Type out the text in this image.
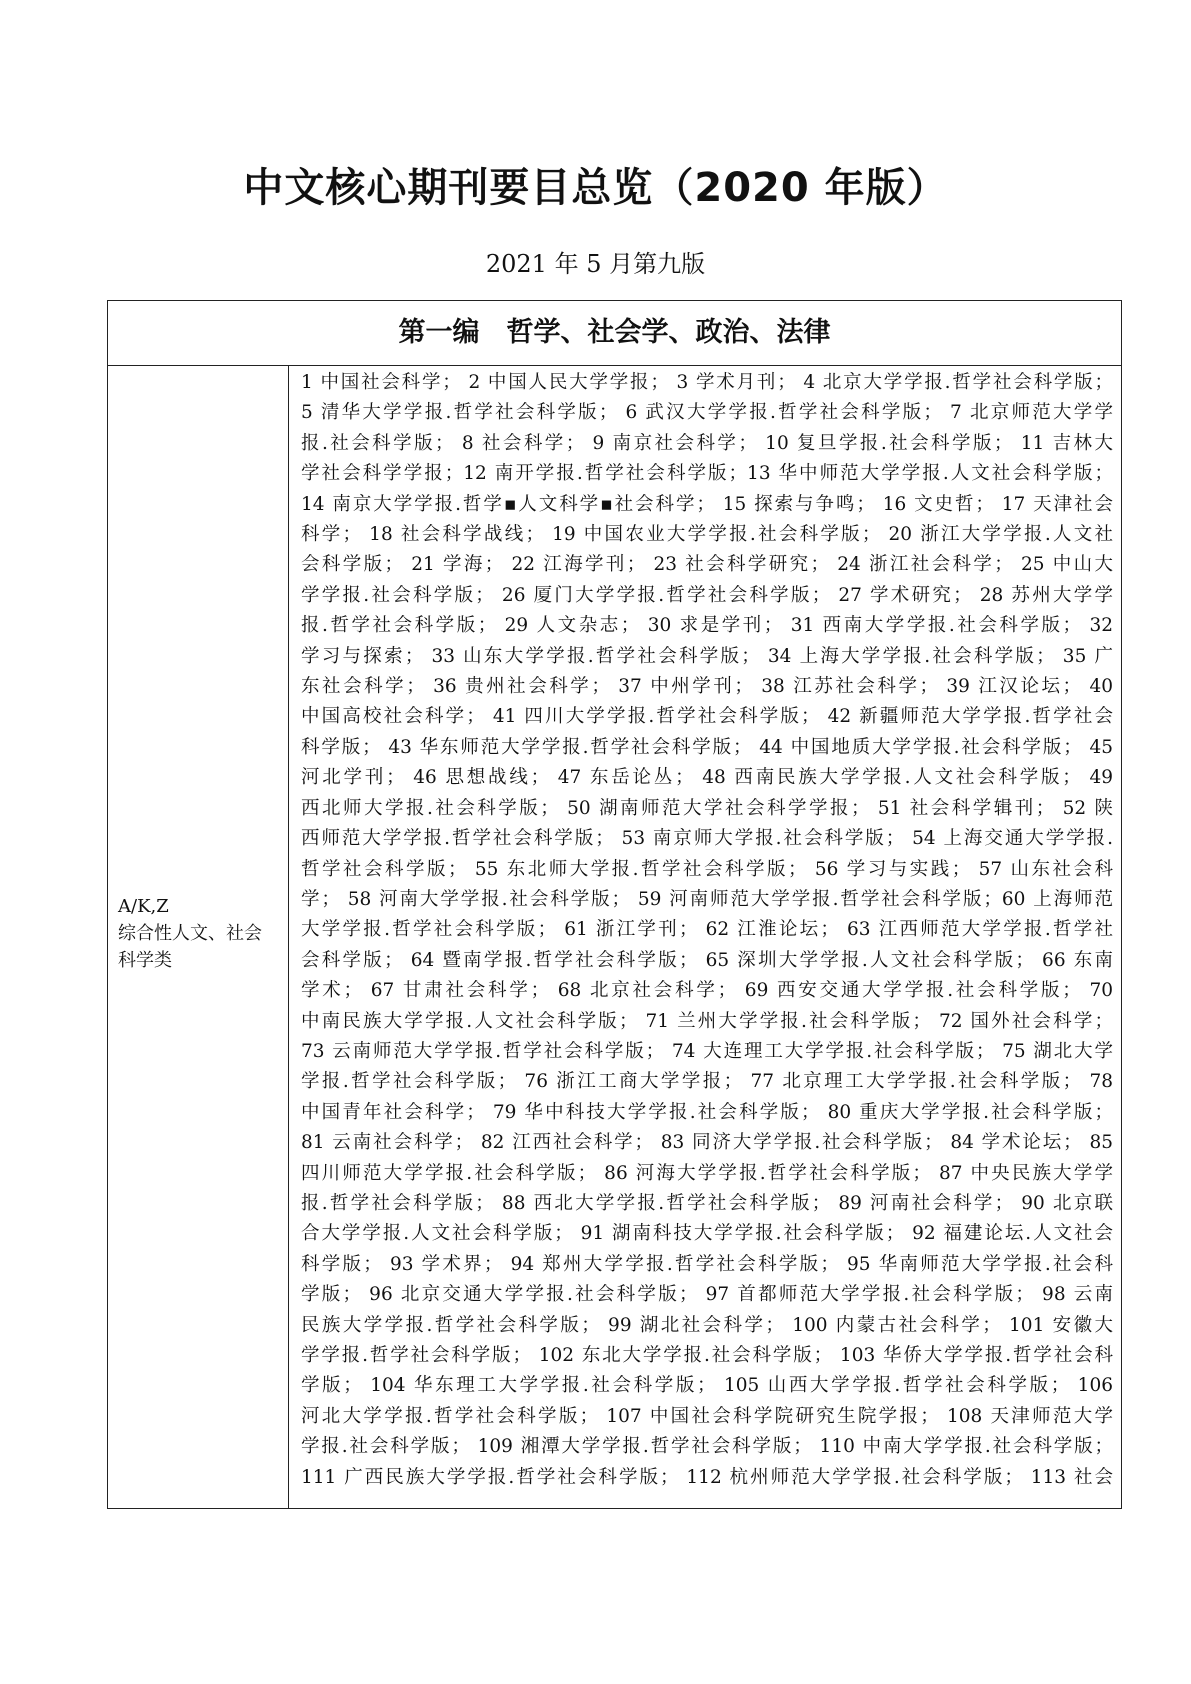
中文核心期刊要目总览（2020 年版）
2021 年 5 月第九版
第一编　哲学、社会学、政治、法律
A/K,Z
综合性人文、社会科学类
1 中国社会科学； 2 中国人民大学学报； 3 学术月刊； 4 北京大学学报.哲学社会科学版；
5 清华大学学报.哲学社会科学版； 6 武汉大学学报.哲学社会科学版； 7 北京师范大学学
报.社会科学版； 8 社会科学； 9 南京社会科学； 10 复旦学报.社会科学版； 11 吉林大
学社会科学学报；12 南开学报.哲学社会科学版；13 华中师范大学学报.人文社会科学版；
14 南京大学学报.哲学▪人文科学▪社会科学； 15 探索与争鸣； 16 文史哲； 17 天津社会
科学； 18 社会科学战线； 19 中国农业大学学报.社会科学版； 20 浙江大学学报.人文社
会科学版； 21 学海； 22 江海学刊； 23 社会科学研究； 24 浙江社会科学； 25 中山大
学学报.社会科学版； 26 厦门大学学报.哲学社会科学版； 27 学术研究； 28 苏州大学学
报.哲学社会科学版； 29 人文杂志； 30 求是学刊； 31 西南大学学报.社会科学版； 32
学习与探索； 33 山东大学学报.哲学社会科学版； 34 上海大学学报.社会科学版； 35 广
东社会科学； 36 贵州社会科学； 37 中州学刊； 38 江苏社会科学； 39 江汉论坛； 40
中国高校社会科学； 41 四川大学学报.哲学社会科学版； 42 新疆师范大学学报.哲学社会
科学版； 43 华东师范大学学报.哲学社会科学版； 44 中国地质大学学报.社会科学版； 45
河北学刊； 46 思想战线； 47 东岳论丛； 48 西南民族大学学报.人文社会科学版； 49
西北师大学报.社会科学版； 50 湖南师范大学社会科学学报； 51 社会科学辑刊； 52 陕
西师范大学学报.哲学社会科学版； 53 南京师大学报.社会科学版； 54 上海交通大学学报.
哲学社会科学版； 55 东北师大学报.哲学社会科学版； 56 学习与实践； 57 山东社会科
学； 58 河南大学学报.社会科学版； 59 河南师范大学学报.哲学社会科学版；60 上海师范
大学学报.哲学社会科学版； 61 浙江学刊； 62 江淮论坛； 63 江西师范大学学报.哲学社
会科学版； 64 暨南学报.哲学社会科学版； 65 深圳大学学报.人文社会科学版； 66 东南
学术； 67 甘肃社会科学； 68 北京社会科学； 69 西安交通大学学报.社会科学版； 70
中南民族大学学报.人文社会科学版； 71 兰州大学学报.社会科学版； 72 国外社会科学；
73 云南师范大学学报.哲学社会科学版； 74 大连理工大学学报.社会科学版； 75 湖北大学
学报.哲学社会科学版； 76 浙江工商大学学报； 77 北京理工大学学报.社会科学版； 78
中国青年社会科学； 79 华中科技大学学报.社会科学版； 80 重庆大学学报.社会科学版；
81 云南社会科学； 82 江西社会科学； 83 同济大学学报.社会科学版； 84 学术论坛； 85
四川师范大学学报.社会科学版； 86 河海大学学报.哲学社会科学版； 87 中央民族大学学
报.哲学社会科学版； 88 西北大学学报.哲学社会科学版； 89 河南社会科学； 90 北京联
合大学学报.人文社会科学版； 91 湖南科技大学学报.社会科学版； 92 福建论坛.人文社会
科学版； 93 学术界； 94 郑州大学学报.哲学社会科学版； 95 华南师范大学学报.社会科
学版； 96 北京交通大学学报.社会科学版； 97 首都师范大学学报.社会科学版； 98 云南
民族大学学报.哲学社会科学版； 99 湖北社会科学； 100 内蒙古社会科学； 101 安徽大
学学报.哲学社会科学版； 102 东北大学学报.社会科学版； 103 华侨大学学报.哲学社会科
学版； 104 华东理工大学学报.社会科学版； 105 山西大学学报.哲学社会科学版； 106
河北大学学报.哲学社会科学版； 107 中国社会科学院研究生院学报； 108 天津师范大学
学报.社会科学版； 109 湘潭大学学报.哲学社会科学版； 110 中南大学学报.社会科学版；
111 广西民族大学学报.哲学社会科学版； 112 杭州师范大学学报.社会科学版； 113 社会
